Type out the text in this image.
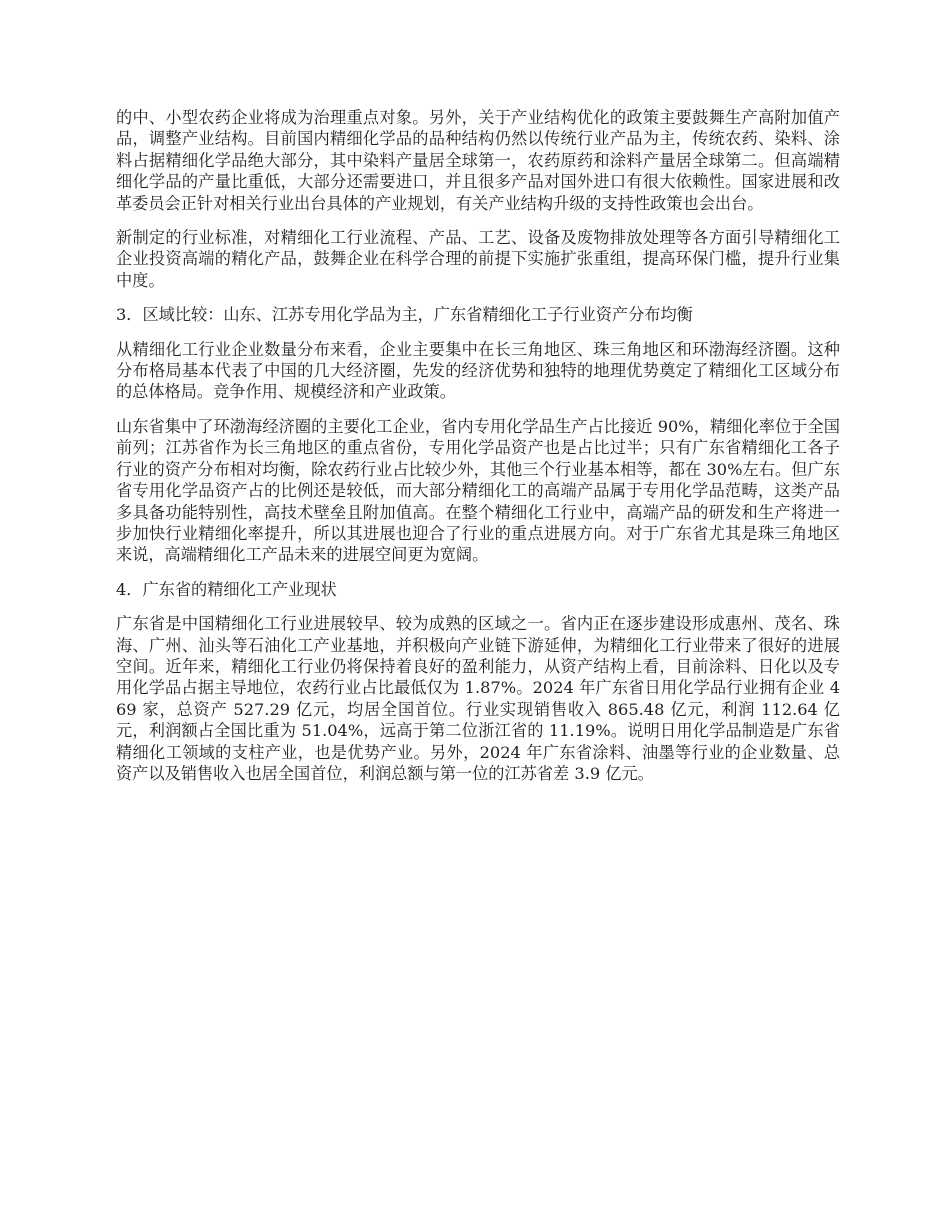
的中、小型农药企业将成为治理重点对象。另外，关于产业结构优化的政策主要鼓舞生产高附加值产品，调整产业结构。目前国内精细化学品的品种结构仍然以传统行业产品为主，传统农药、染料、涂料占据精细化学品绝大部分，其中染料产量居全球第一，农药原药和涂料产量居全球第二。但高端精细化学品的产量比重低，大部分还需要进口，并且很多产品对国外进口有很大依赖性。国家进展和改革委员会正针对相关行业出台具体的产业规划，有关产业结构升级的支持性政策也会出台。

新制定的行业标准，对精细化工行业流程、产品、工艺、设备及废物排放处理等各方面引导精细化工企业投资高端的精化产品，鼓舞企业在科学合理的前提下实施扩张重组，提高环保门槛，提升行业集中度。

3．区域比较：山东、江苏专用化学品为主，广东省精细化工子行业资产分布均衡

从精细化工行业企业数量分布来看，企业主要集中在长三角地区、珠三角地区和环渤海经济圈。这种分布格局基本代表了中国的几大经济圈，先发的经济优势和独特的地理优势奠定了精细化工区域分布的总体格局。竞争作用、规模经济和产业政策。

山东省集中了环渤海经济圈的主要化工企业，省内专用化学品生产占比接近 90%，精细化率位于全国前列；江苏省作为长三角地区的重点省份，专用化学品资产也是占比过半；只有广东省精细化工各子行业的资产分布相对均衡，除农药行业占比较少外，其他三个行业基本相等，都在 30%左右。但广东省专用化学品资产占的比例还是较低，而大部分精细化工的高端产品属于专用化学品范畴，这类产品多具备功能特别性，高技术壁垒且附加值高。在整个精细化工行业中，高端产品的研发和生产将进一步加快行业精细化率提升，所以其进展也迎合了行业的重点进展方向。对于广东省尤其是珠三角地区来说，高端精细化工产品未来的进展空间更为宽阔。

4．广东省的精细化工产业现状

广东省是中国精细化工行业进展较早、较为成熟的区域之一。省内正在逐步建设形成惠州、茂名、珠海、广州、汕头等石油化工产业基地，并积极向产业链下游延伸，为精细化工行业带来了很好的进展空间。近年来，精细化工行业仍将保持着良好的盈利能力，从资产结构上看，目前涂料、日化以及专用化学品占据主导地位，农药行业占比最低仅为 1.87%。2024 年广东省日用化学品行业拥有企业 469 家，总资产 527.29 亿元，均居全国首位。行业实现销售收入 865.48 亿元，利润 112.64 亿元，利润额占全国比重为 51.04%，远高于第二位浙江省的 11.19%。说明日用化学品制造是广东省精细化工领域的支柱产业，也是优势产业。另外，2024 年广东省涂料、油墨等行业的企业数量、总资产以及销售收入也居全国首位，利润总额与第一位的江苏省差 3.9 亿元。
